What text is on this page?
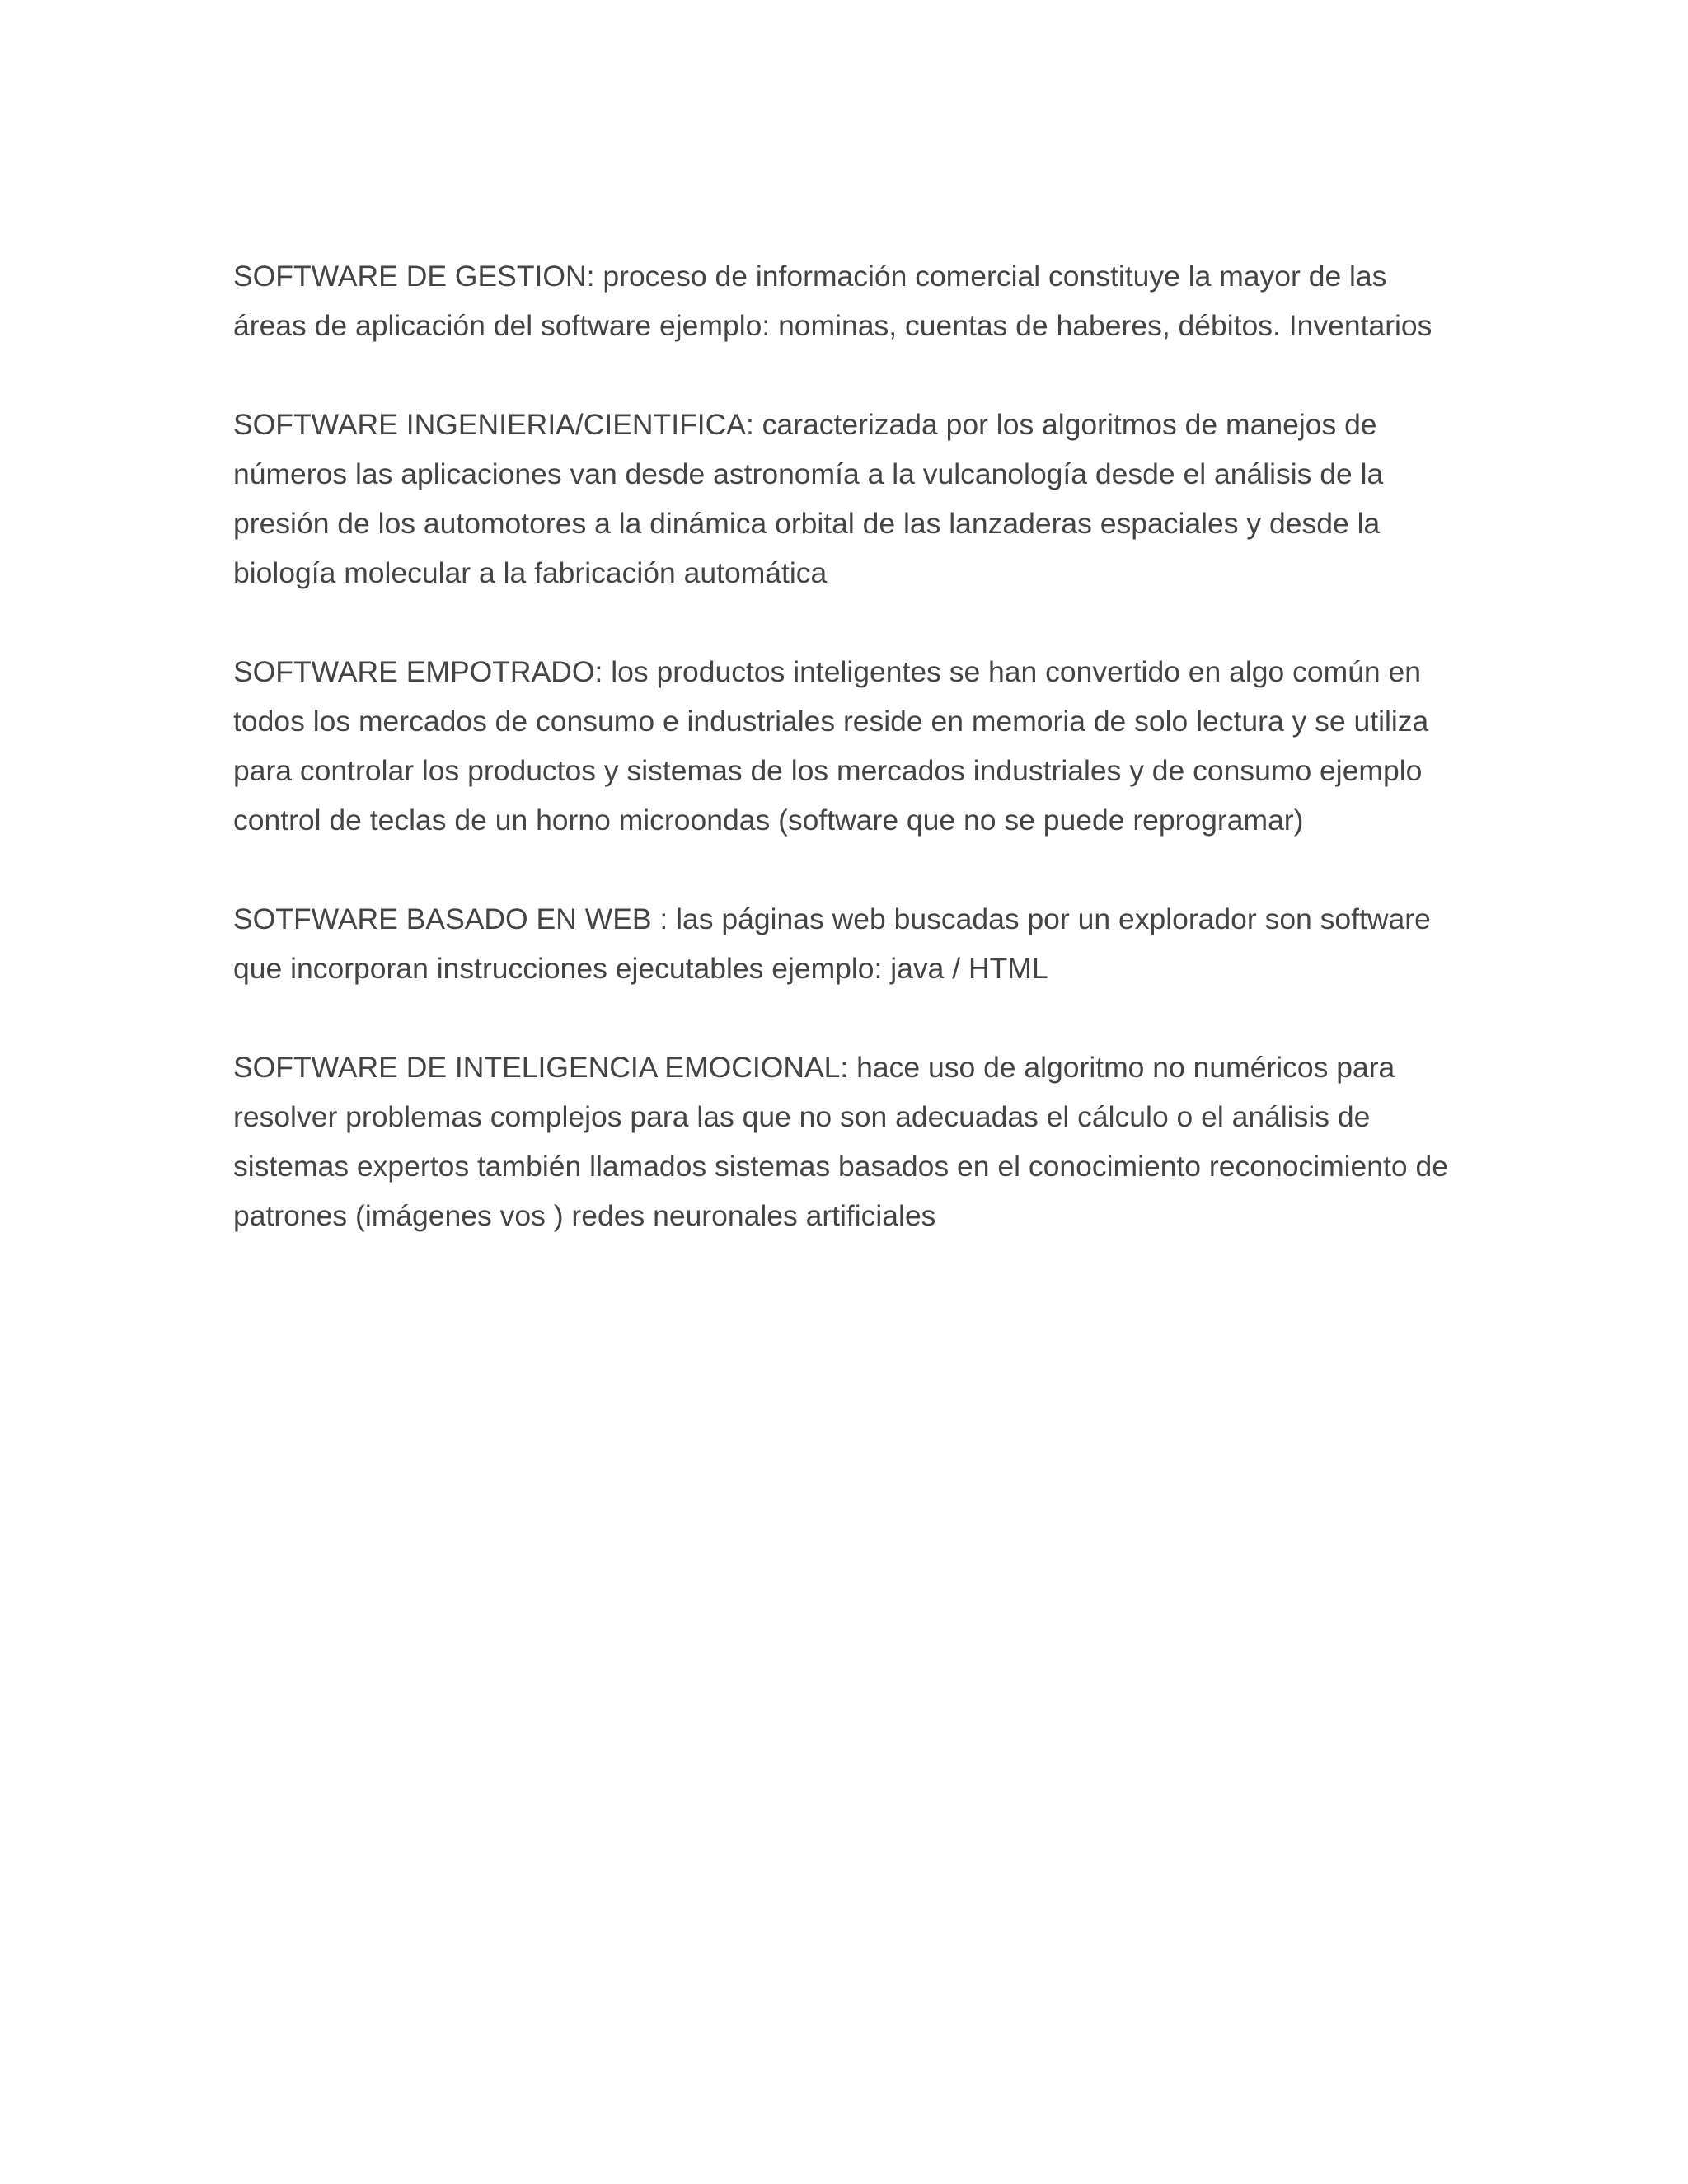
SOFTWARE DE GESTION: proceso de información comercial constituye la mayor de las
áreas de aplicación del software ejemplo: nominas, cuentas de haberes, débitos. Inventarios

SOFTWARE INGENIERIA/CIENTIFICA: caracterizada por los algoritmos de manejos de
números las aplicaciones van desde astronomía a la vulcanología desde el análisis de la
presión de los automotores a la dinámica orbital de las lanzaderas espaciales y desde la
biología molecular a la fabricación automática

SOFTWARE EMPOTRADO: los productos inteligentes se han convertido en algo común en
todos los mercados de consumo e industriales reside en memoria de solo lectura y se utiliza
para controlar los productos y sistemas de los mercados industriales y de consumo ejemplo
control de teclas de un horno microondas (software que no se puede reprogramar)

SOTFWARE BASADO EN WEB : las páginas web buscadas por un explorador son software
que incorporan instrucciones ejecutables ejemplo: java / HTML

SOFTWARE DE INTELIGENCIA EMOCIONAL: hace uso de algoritmo no numéricos para
resolver problemas complejos para las que no son adecuadas el cálculo o el análisis de
sistemas expertos también llamados sistemas basados en el conocimiento reconocimiento de
patrones (imágenes vos ) redes neuronales artificiales
